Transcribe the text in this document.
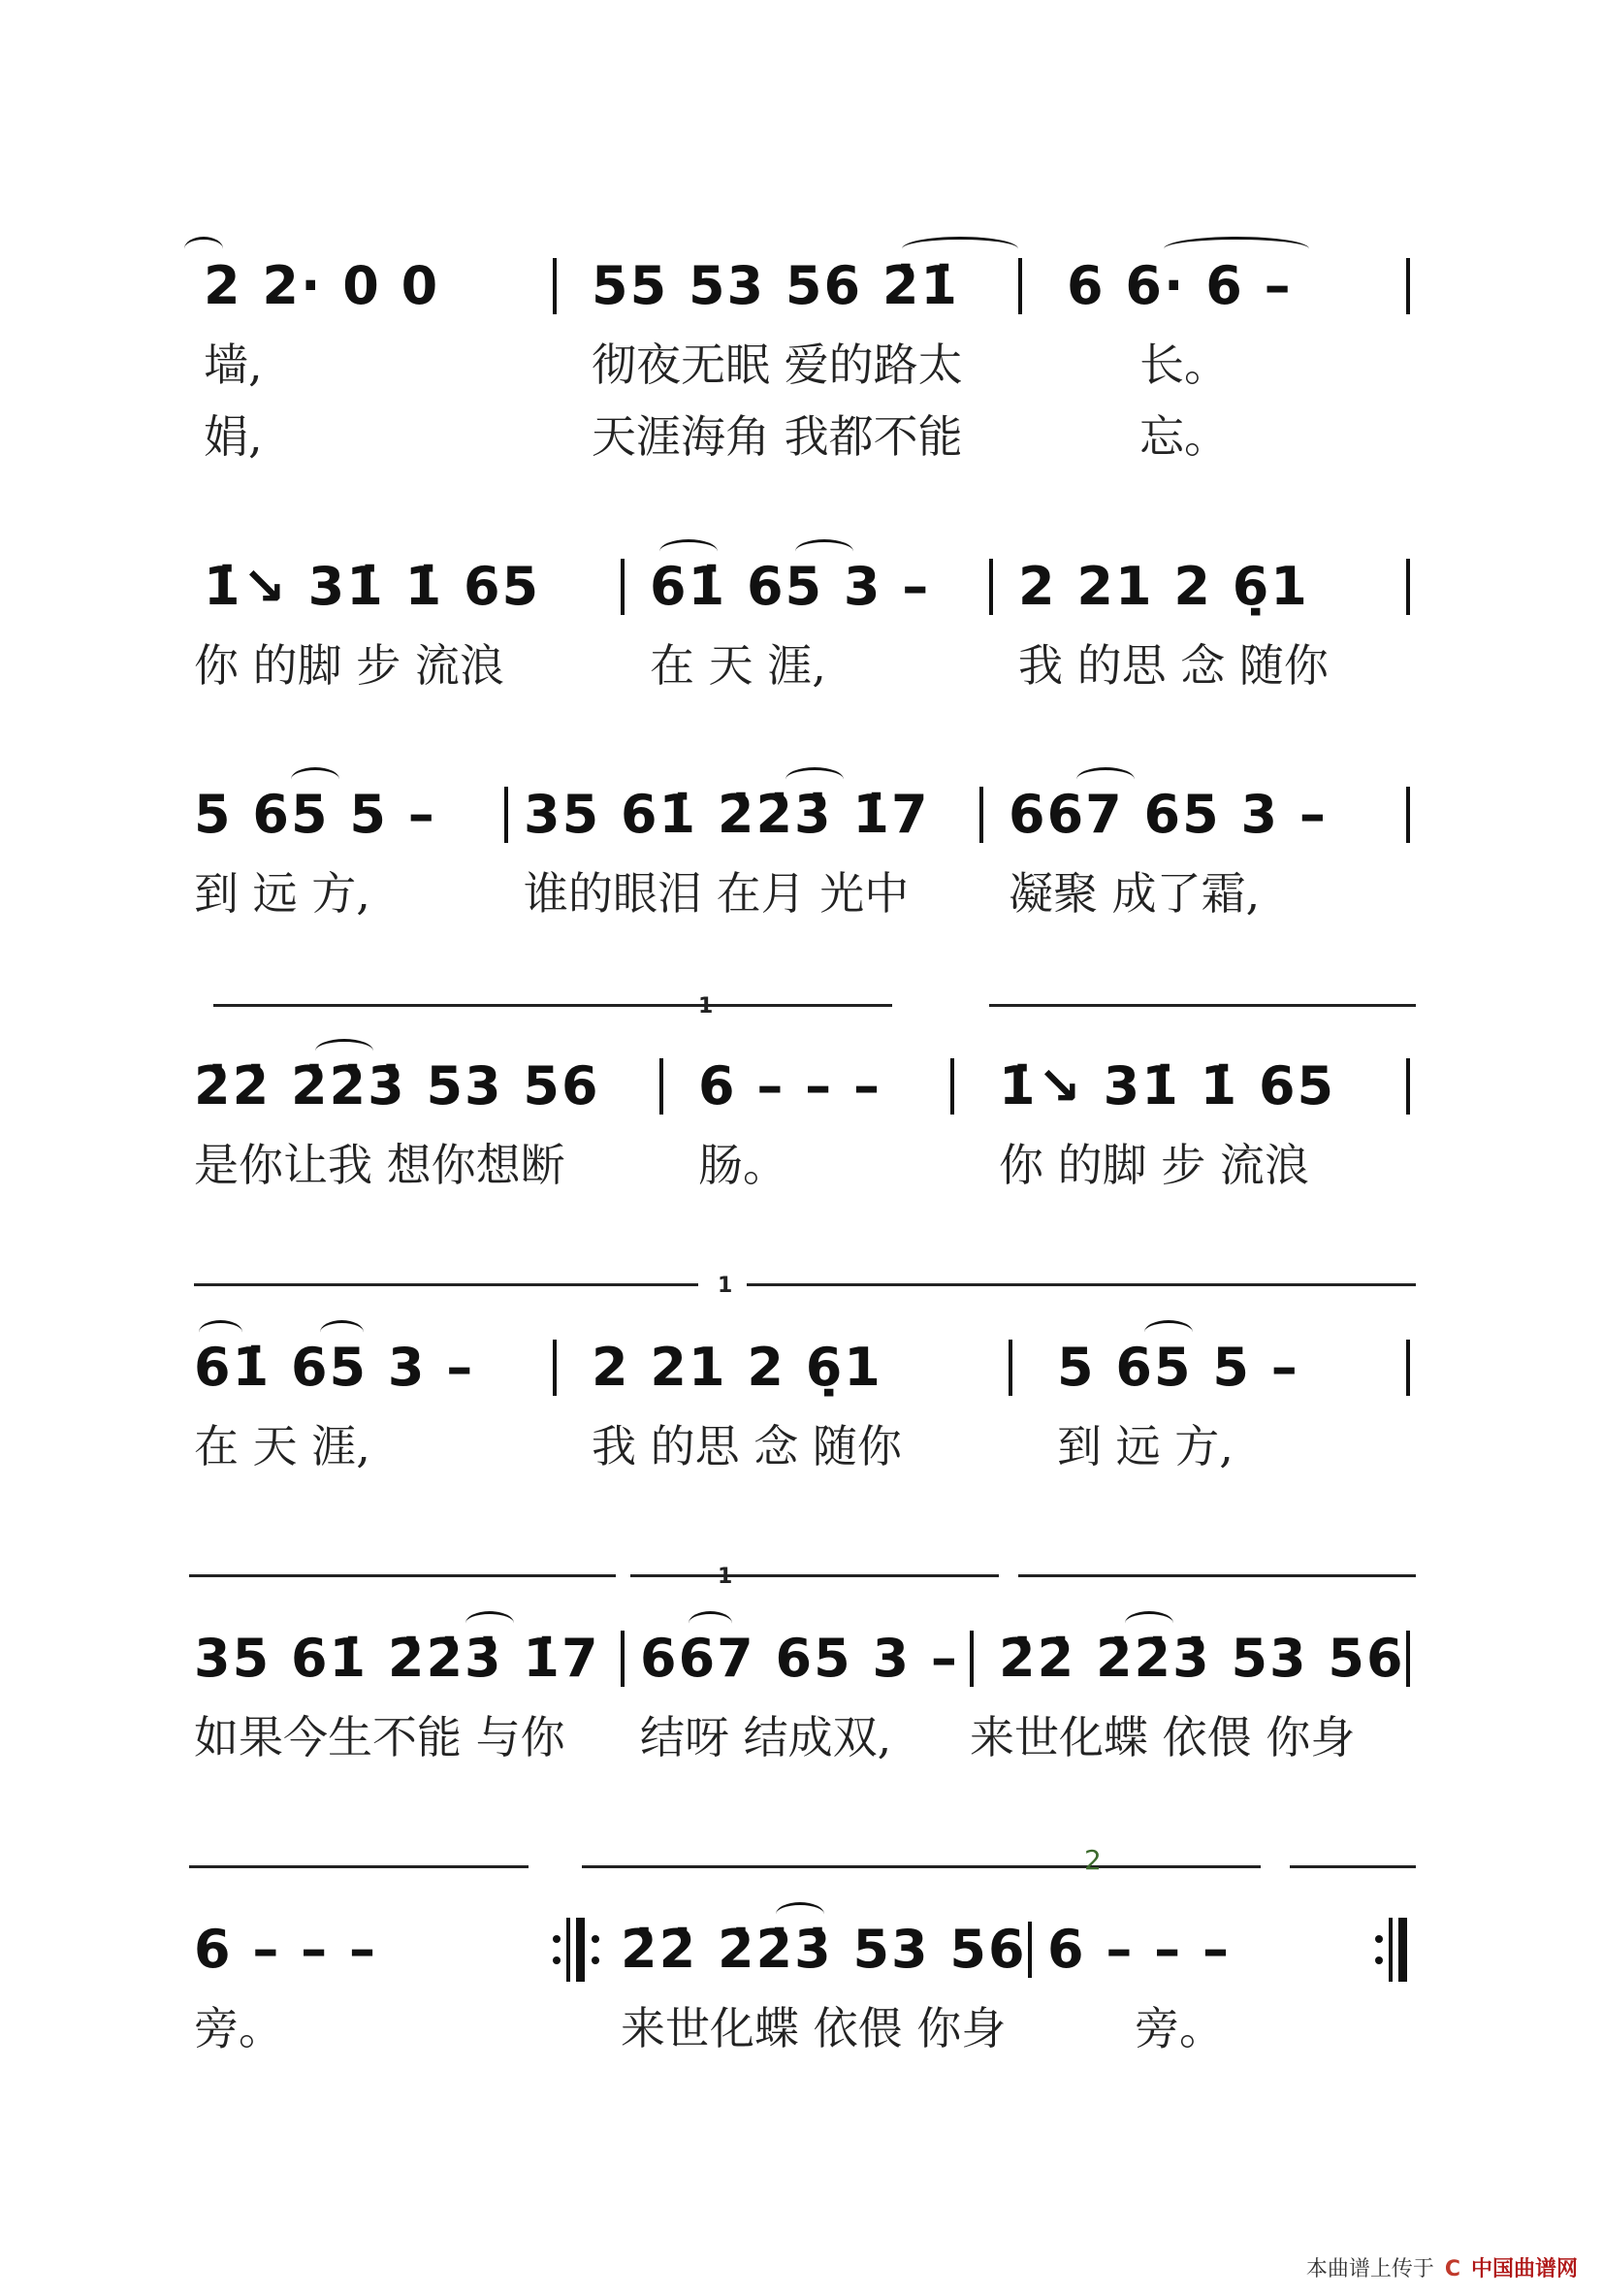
2 2· 0 0	55 53 56 2̇1̇ 6 6· 6 –
墙,	彻夜无眠 爱的路太	长。
娟,	天涯海角 我都不能	忘。
1̇↘ 31̇ 1̇ 65 61̇ 65 3 – 2 21 2 6̣1
你 的脚 步 流浪	在 天 涯,	我 的思 念 随你
5 65 5 – 35 61̇ 2̇2̇3̇ 1̇7 667 65 3 –
到 远 方,	谁的眼泪 在月 光中 凝聚 成了霜,
1
2̇2̇ 2̇2̇3̇ 53 56 6 – – – 1̇↘ 31̇ 1̇ 65
是你让我 想你想断	肠。	你 的脚 步 流浪
1
61̇ 65 3 – 2 21 2 6̣1	5 65 5 –
在 天 涯,	我 的思 念 随你	到 远 方,
1
35 61̇ 2̇2̇3̇ 1̇7 667 65 3 – 2̇2̇ 2̇2̇3̇ 53 56
如果今生不能 与你 结呀 结成双, 来世化蝶 依偎 你身
2
6 – – –	2̇2̇ 2̇2̇3̇ 53 56 6 – – –
旁。	来世化蝶 依偎 你身	旁。
本曲谱上传于 C 中国曲谱网
